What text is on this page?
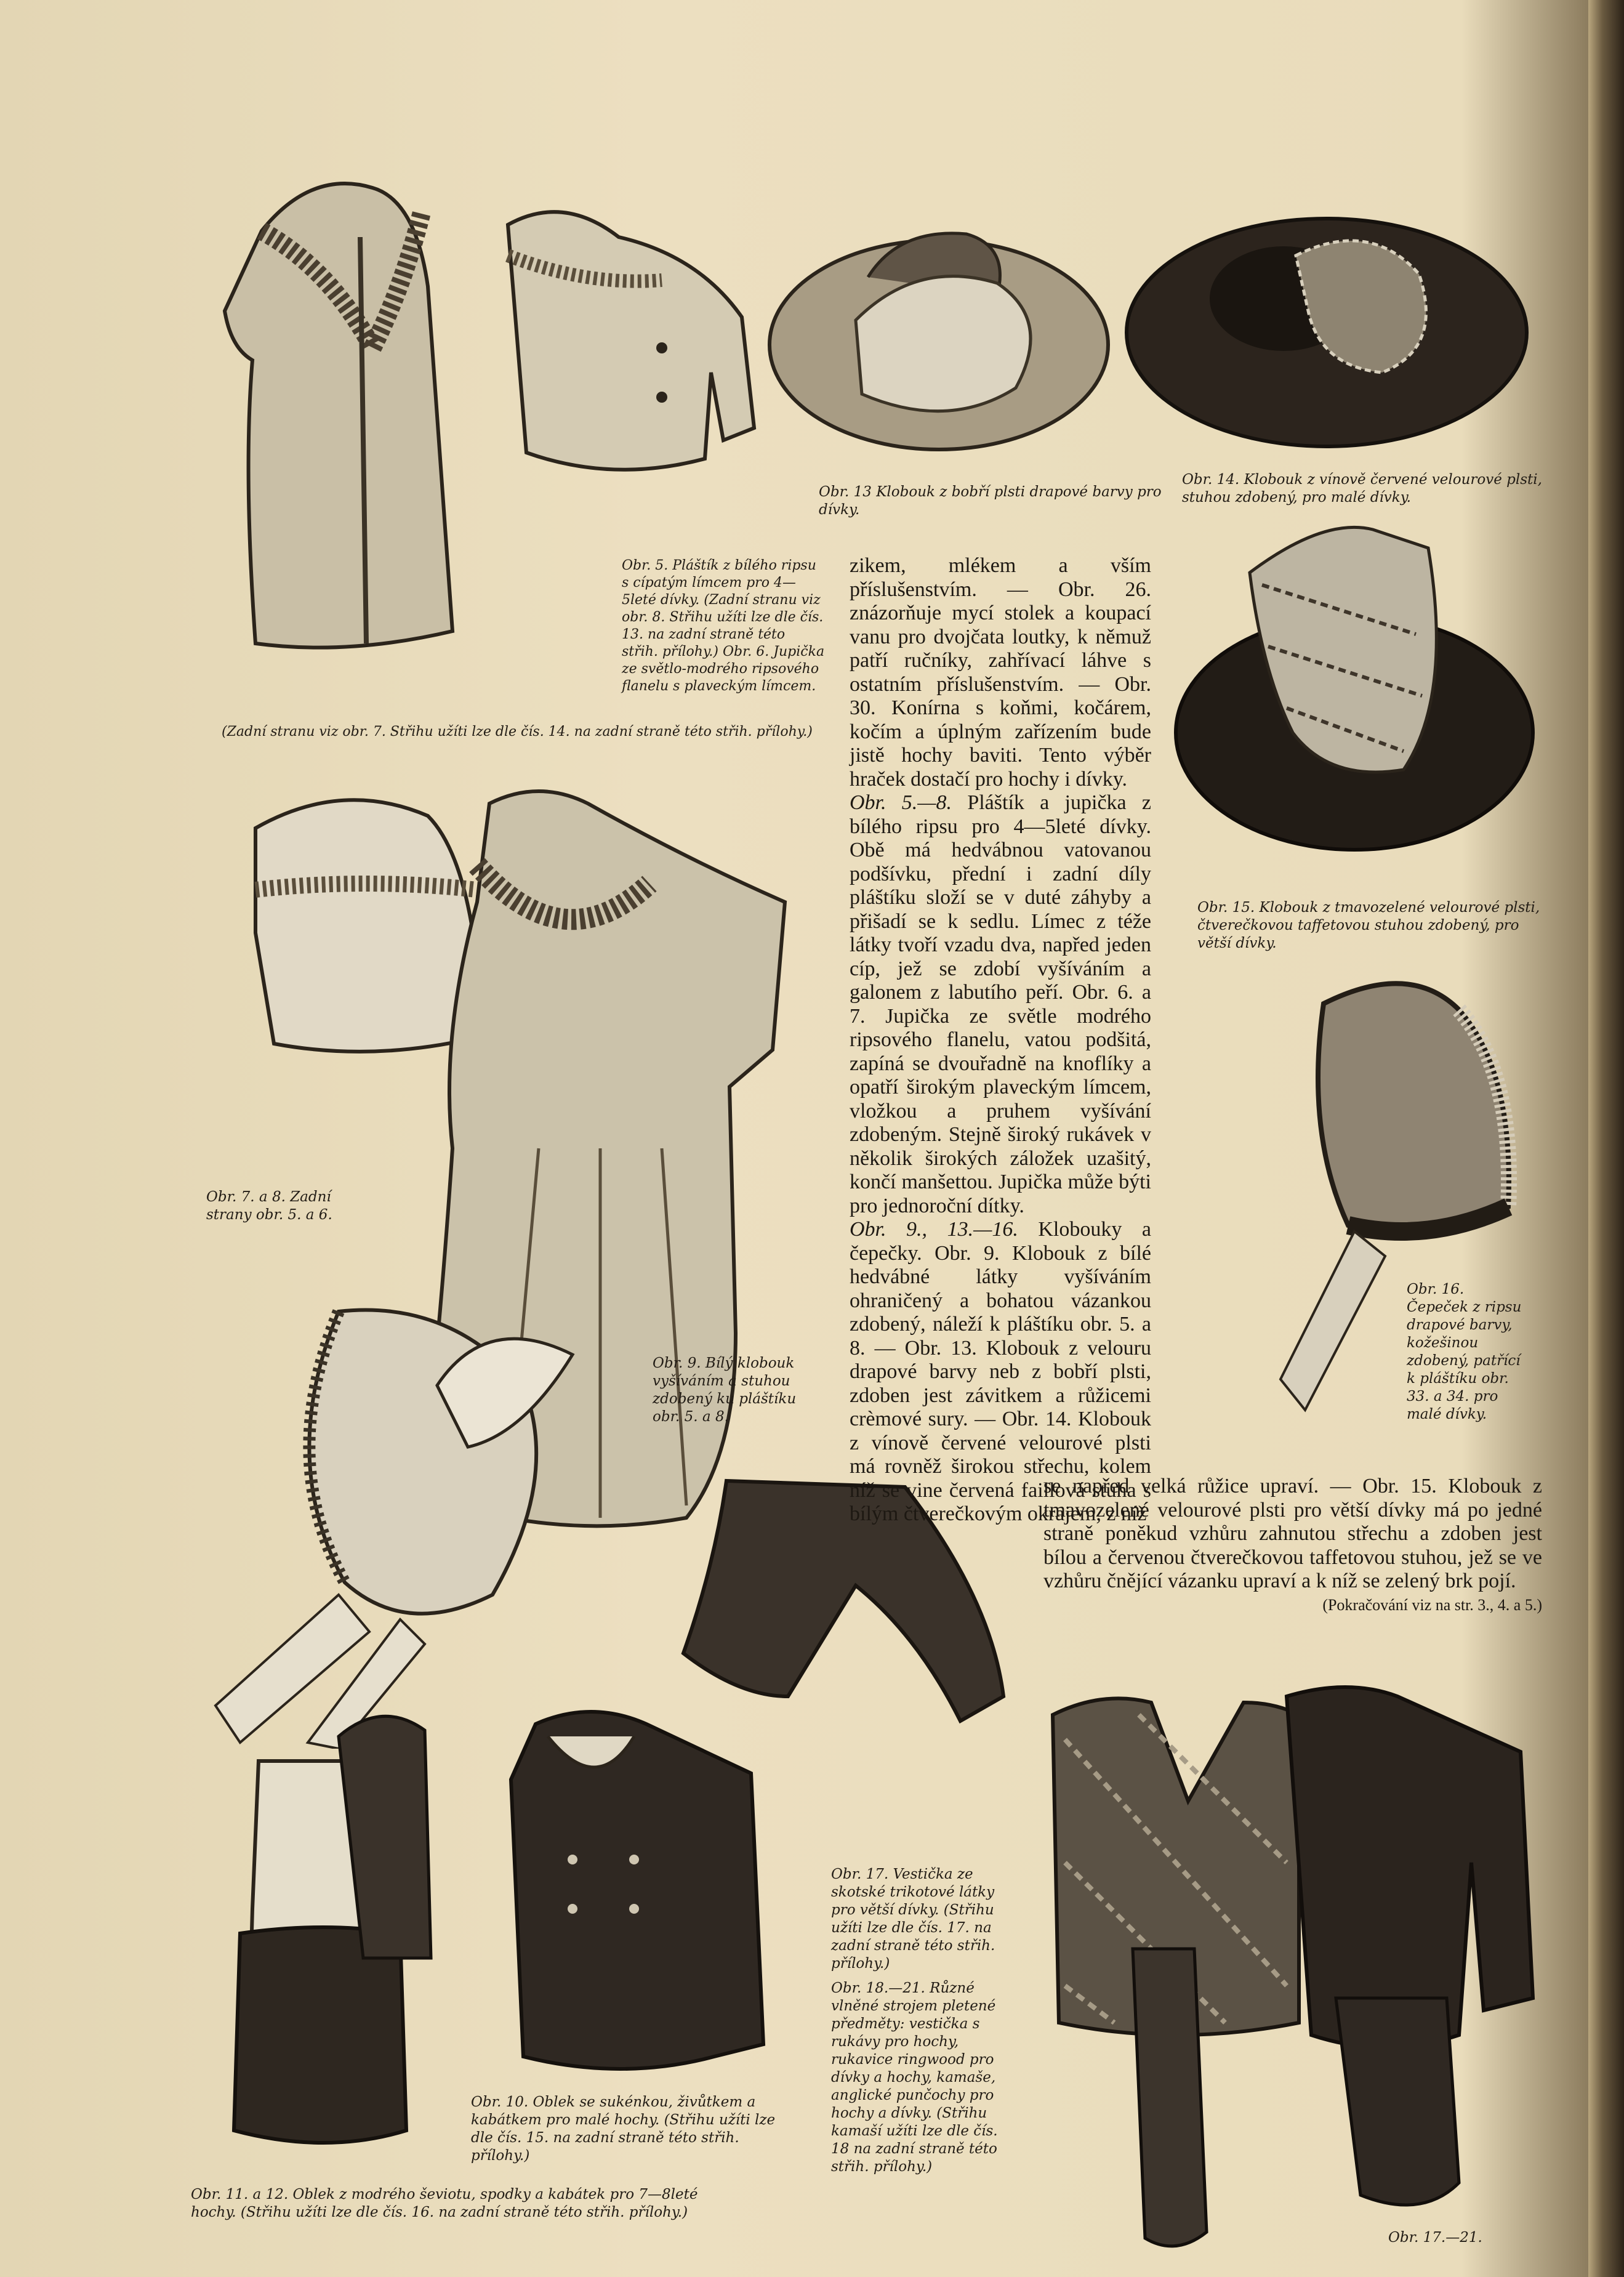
Obr. 5. Pláštík z bílého ripsu s cípatým límcem pro 4—5leté dívky. (Zadní stranu viz obr. 8. Střihu užíti lze dle čís. 13. na zadní straně této střih. přílohy.) Obr. 6. Jupička ze světlo-modrého ripsového flanelu s plaveckým límcem.
(Zadní stranu viz obr. 7. Střihu užíti lze dle čís. 14. na zadní straně této střih. přílohy.)
Obr. 13 Klobouk z bobří plsti drapové barvy pro dívky.
Obr. 14. Klobouk z vínově červené velourové plsti, stuhou zdobený, pro malé dívky.
Obr. 15. Klobouk z tmavozelené velourové plsti, čtverečkovou taffetovou stuhou zdobený, pro větší dívky.
Obr. 7. a 8. Zadní strany obr. 5. a 6.
Obr. 9. Bílý klobouk vyšíváním a stuhou zdobený ku pláštíku obr. 5. a 8.
Obr. 16. Čepeček z ripsu drapové barvy, kožešinou zdobený, patřící k pláštíku obr. 33. a 34. pro malé dívky.
Obr. 17. Vestička ze skotské trikotové látky pro větší dívky. (Střihu užíti lze dle čís. 17. na zadní straně této střih. přílohy.)
Obr. 18.—21. Různé vlněné strojem pletené předměty: vestička s rukávy pro hochy, rukavice ringwood pro dívky a hochy, kamaše, anglické punčochy pro hochy a dívky. (Střihu kamaší užíti lze dle čís. 18 na zadní straně této střih. přílohy.)
Obr. 10. Oblek se sukénkou, živůtkem a kabátkem pro malé hochy. (Střihu užíti lze dle čís. 15. na zadní straně této střih. přílohy.)
Obr. 11. a 12. Oblek z modrého ševiotu, spodky a kabátek pro 7—8leté hochy. (Střihu užíti lze dle čís. 16. na zadní straně této střih. přílohy.)
Obr. 17.—21.

zikem, mlékem a vším příslušenstvím. — Obr. 26. znázorňuje mycí stolek a koupací vanu pro dvojčata loutky, k němuž patří ručníky, zahřívací láhve s ostatním příslušenstvím. — Obr. 30. Konírna s koňmi, kočárem, kočím a úplným zařízením bude jistě hochy baviti. Tento výběr hraček dostačí pro hochy i dívky.

Obr. 5.—8. Pláštík a jupička z bílého ripsu pro 4—5leté dívky. Obě má hedvábnou vatovanou podšívku, přední i zadní díly pláštíku složí se v duté záhyby a přišadí se k sedlu. Límec z téže látky tvoří vzadu dva, napřed jeden cíp, jež se zdobí vyšíváním a galonem z labutího peří. Obr. 6. a 7. Jupička ze světle modrého ripsového flanelu, vatou podšitá, zapíná se dvouřadně na knoflíky a opatří širokým plaveckým límcem, vložkou a pruhem vyšívání zdobeným. Stejně široký rukávek v několik širokých záložek uzašitý, končí manšettou. Jupička může býti pro jednoroční dítky.

Obr. 9., 13.—16. Klobouky a čepečky. Obr. 9. Klobouk z bílé hedvábné látky vyšíváním ohraničený a bohatou vázankou zdobený, náleží k pláštíku obr. 5. a 8. — Obr. 13. Klobouk z velouru drapové barvy neb z bobří plsti, zdoben jest závitkem a růžicemi crèmové sury. — Obr. 14. Klobouk z vínově červené velourové plsti má rovněž širokou střechu, kolem níž se vine červená faillová stuha s bílým čtverečkovým okrajem, z níž

se napřed velká růžice upraví. — Obr. 15. Klobouk z tmavozelené velourové plsti pro větší dívky má po jedné straně poněkud vzhůru zahnutou střechu a zdoben jest bílou a červenou čtverečkovou taffetovou stuhou, jež se ve vzhůru čnějící vázanku upraví a k níž se zelený brk pojí.

(Pokračování viz na str. 3., 4. a 5.)
